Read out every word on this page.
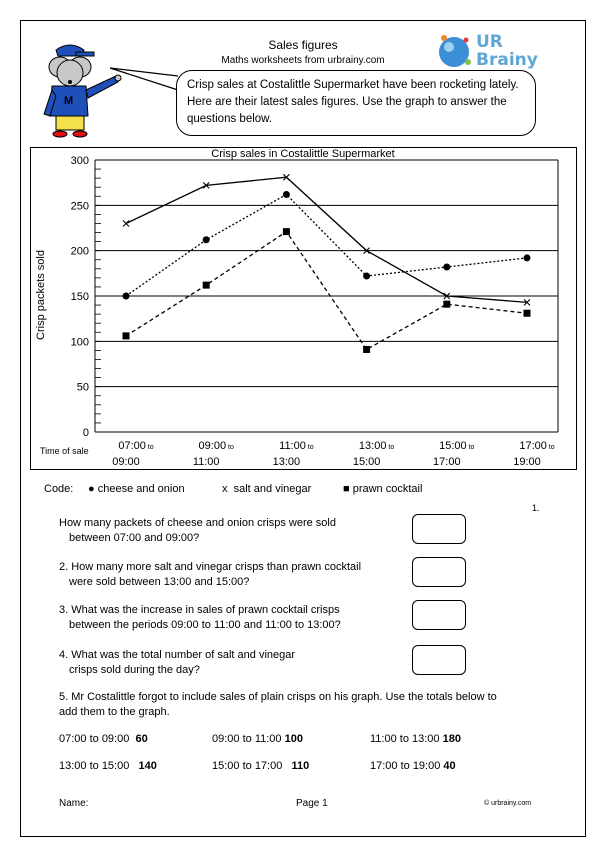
M
Sales figures
Maths worksheets from urbrainy.com
UR
Brainy
Crisp sales at Costalittle Supermarket have been rocketing lately. Here are their latest sales figures. Use the graph to answer the questions below.
Crisp sales in Costalittle Supermarket
0
50
100
150
200
250
300
Crisp packets sold
Time of sale	07:00 to
09:00
09:00 to
11:00
11:00 to
13:00
13:00 to
15:00
15:00 to
17:00
17:00 to
19:00
Code: ● cheese and onion	x salt and vinegar	■ prawn cocktail
1.
How many packets of cheese and onion crisps were sold
between 07:00 and 09:00?
2. How many more salt and vinegar crisps than prawn cocktail
were sold between 13:00 and 15:00?
3. What was the increase in sales of prawn cocktail crisps
between the periods 09:00 to 11:00 and 11:00 to 13:00?
4. What was the total number of salt and vinegar
crisps sold during the day?
5. Mr Costalittle forgot to include sales of plain crisps on his graph. Use the totals below to
add them to the graph.
07:00 to 09:00 60	09:00 to 11:00 100	11:00 to 13:00 180
13:00 to 15:00 140	15:00 to 17:00 110	17:00 to 19:00 40
Name:	Page 1	© urbrainy.com
